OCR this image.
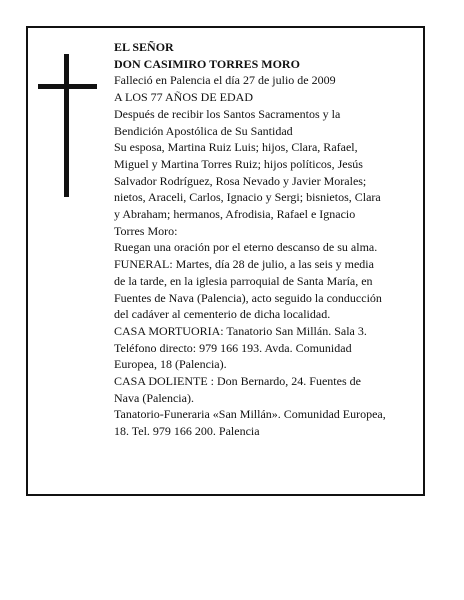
EL SEÑOR

DON CASIMIRO TORRES MORO

Falleció en Palencia el día 27 de julio de 2009

A LOS 77 AÑOS DE EDAD

Después de recibir los Santos Sacramentos y la

Bendición Apostólica de Su Santidad

Su esposa, Martina Ruiz Luis; hijos, Clara, Rafael,

Miguel y Martina Torres Ruiz; hijos políticos, Jesús

Salvador Rodríguez, Rosa Nevado y Javier Morales;

nietos, Araceli, Carlos, Ignacio y Sergi; bisnietos, Clara

y Abraham; hermanos, Afrodisia, Rafael e Ignacio

Torres Moro:

Ruegan una oración por el eterno descanso de su alma.

FUNERAL: Martes, día 28 de julio, a las seis y media

de la tarde, en la iglesia parroquial de Santa María, en

Fuentes de Nava (Palencia), acto seguido la conducción

del cadáver al cementerio de dicha localidad.

CASA MORTUORIA: Tanatorio San Millán. Sala 3.

Teléfono directo: 979 166 193. Avda. Comunidad

Europea, 18 (Palencia).

CASA DOLIENTE : Don Bernardo, 24. Fuentes de

Nava (Palencia).

Tanatorio-Funeraria «San Millán». Comunidad Europea,

18. Tel. 979 166 200. Palencia
